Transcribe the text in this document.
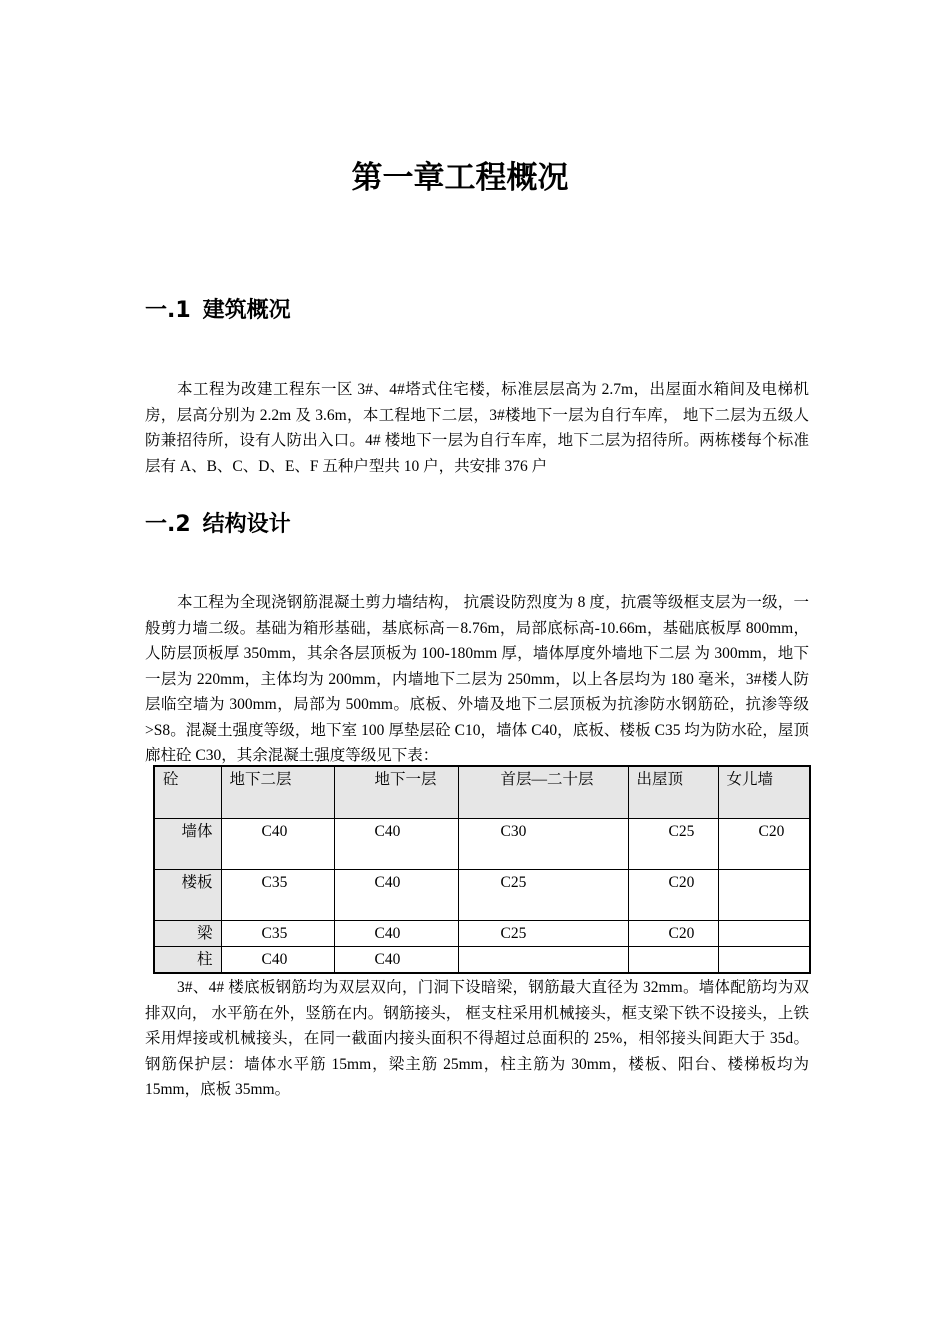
第一章工程概况
一.1 建筑概况

本工程为改建工程东一区 3#、4#塔式住宅楼，标准层层高为 2.7m，出屋面水箱间及电梯机房，层高分别为 2.2m 及 3.6m，本工程地下二层，3#楼地下一层为自行车库， 地下二层为五级人防兼招待所，设有人防出入口。4# 楼地下一层为自行车库，地下二层为招待所。两栋楼每个标准层有 A、B、C、D、E、F 五种户型共 10 户，共安排 376 户

一.2 结构设计

本工程为全现浇钢筋混凝土剪力墙结构， 抗震设防烈度为 8 度，抗震等级框支层为一级，一般剪力墙二级。基础为箱形基础，基底标高－8.76m，局部底标高-10.66m，基础底板厚 800mm，人防层顶板厚 350mm，其余各层顶板为 100-180mm 厚，墙体厚度外墙地下二层 为 300mm，地下一层为 220mm，主体均为 200mm，内墙地下二层为 250mm，以上各层均为 180 毫米，3#楼人防层临空墙为 300mm，局部为 500mm。底板、外墙及地下二层顶板为抗渗防水钢筋砼，抗渗等级>S8。混凝土强度等级，地下室 100 厚垫层砼 C10，墙体 C40，底板、楼板 C35 均为防水砼，屋顶廊柱砼 C30，其余混凝土强度等级见下表：

砼	地下二层	地下一层	首层—二十层	出屋顶	女儿墙
墙体	C40	C40	C30	C25	C20
楼板	C35	C40	C25	C20	
梁	C35	C40	C25	C20	
柱	C40	C40			

3#、4# 楼底板钢筋均为双层双向，门洞下设暗梁，钢筋最大直径为 32mm。墙体配筋均为双排双向， 水平筋在外，竖筋在内。钢筋接头， 框支柱采用机械接头，框支梁下铁不设接头，上铁采用焊接或机械接头，在同一截面内接头面积不得超过总面积的 25%，相邻接头间距大于 35d。 钢筋保护层：墙体水平筋 15mm，梁主筋 25mm，柱主筋为 30mm，楼板、阳台、楼梯板均为 15mm，底板 35mm。
